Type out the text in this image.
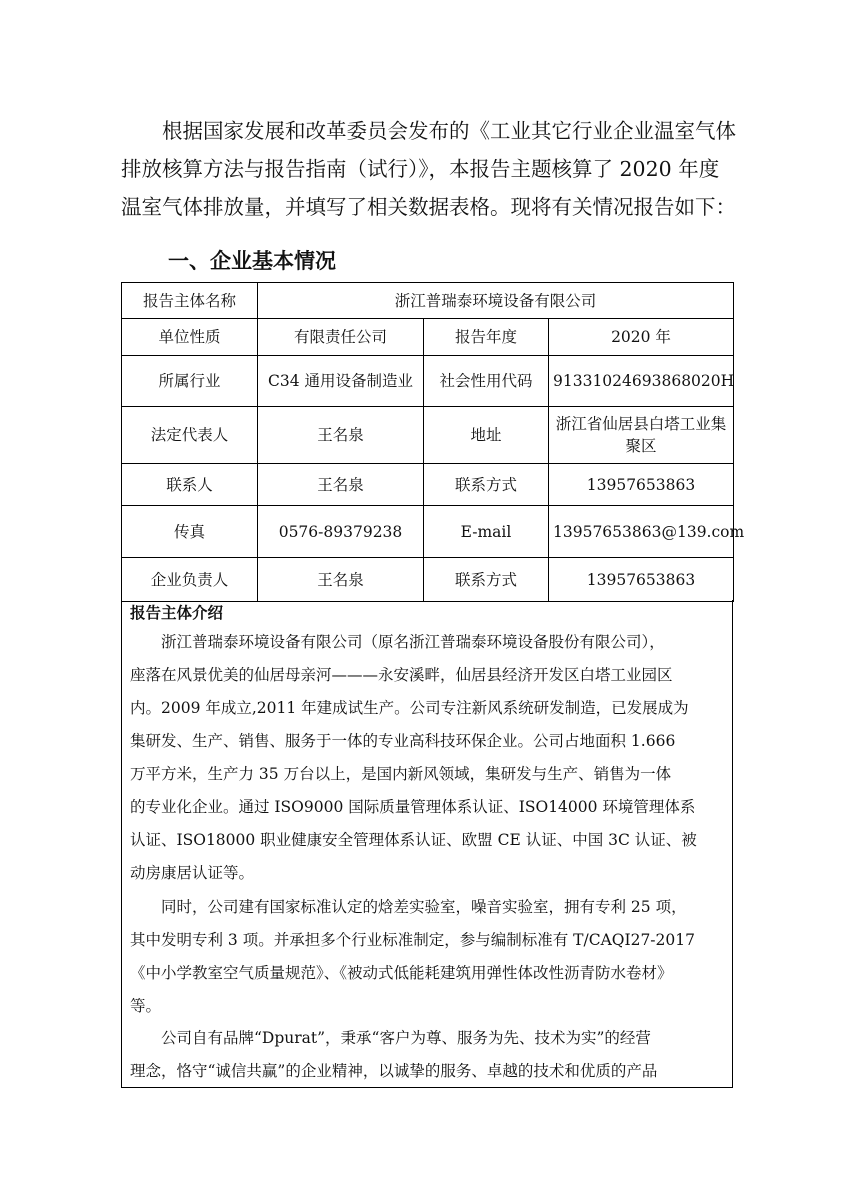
　　根据国家发展和改革委员会发布的《工业其它行业企业温室气体
排放核算方法与报告指南（试行）》，本报告主题核算了 2020 年度
温室气体排放量，并填写了相关数据表格。现将有关情况报告如下：
一、企业基本情况
报告主体名称	浙江普瑞泰环境设备有限公司		
单位性质	有限责任公司	报告年度	2020 年
所属行业	C34 通用设备制造业	社会性用代码	91331024693868020H
法定代表人	王名泉	地址	浙江省仙居县白塔工业集聚区
联系人	王名泉	联系方式	13957653863
传真	0576-89379238	E-mail	13957653863@139.com
企业负责人	王名泉	联系方式	13957653863

报告主体介绍

　　浙江普瑞泰环境设备有限公司（原名浙江普瑞泰环境设备股份有限公司），
座落在风景优美的仙居母亲河———永安溪畔，仙居县经济开发区白塔工业园区
内。2009 年成立,2011 年建成试生产。公司专注新风系统研发制造，已发展成为
集研发、生产、销售、服务于一体的专业高科技环保企业。公司占地面积 1.666
万平方米，生产力 35 万台以上，是国内新风领域，集研发与生产、销售为一体
的专业化企业。通过 ISO9000 国际质量管理体系认证、ISO14000 环境管理体系
认证、ISO18000 职业健康安全管理体系认证、欧盟 CE 认证、中国 3C 认证、被
动房康居认证等。

　　同时，公司建有国家标准认定的焓差实验室，噪音实验室，拥有专利 25 项，
其中发明专利 3 项。并承担多个行业标准制定，参与编制标准有 T/CAQI27-2017
《中小学教室空气质量规范》、《被动式低能耗建筑用弹性体改性沥青防水卷材》
等。

　　公司自有品牌“Dpurat”，秉承“客户为尊、服务为先、技术为实”的经营
理念，恪守“诚信共赢”的企业精神，以诚挚的服务、卓越的技术和优质的产品
